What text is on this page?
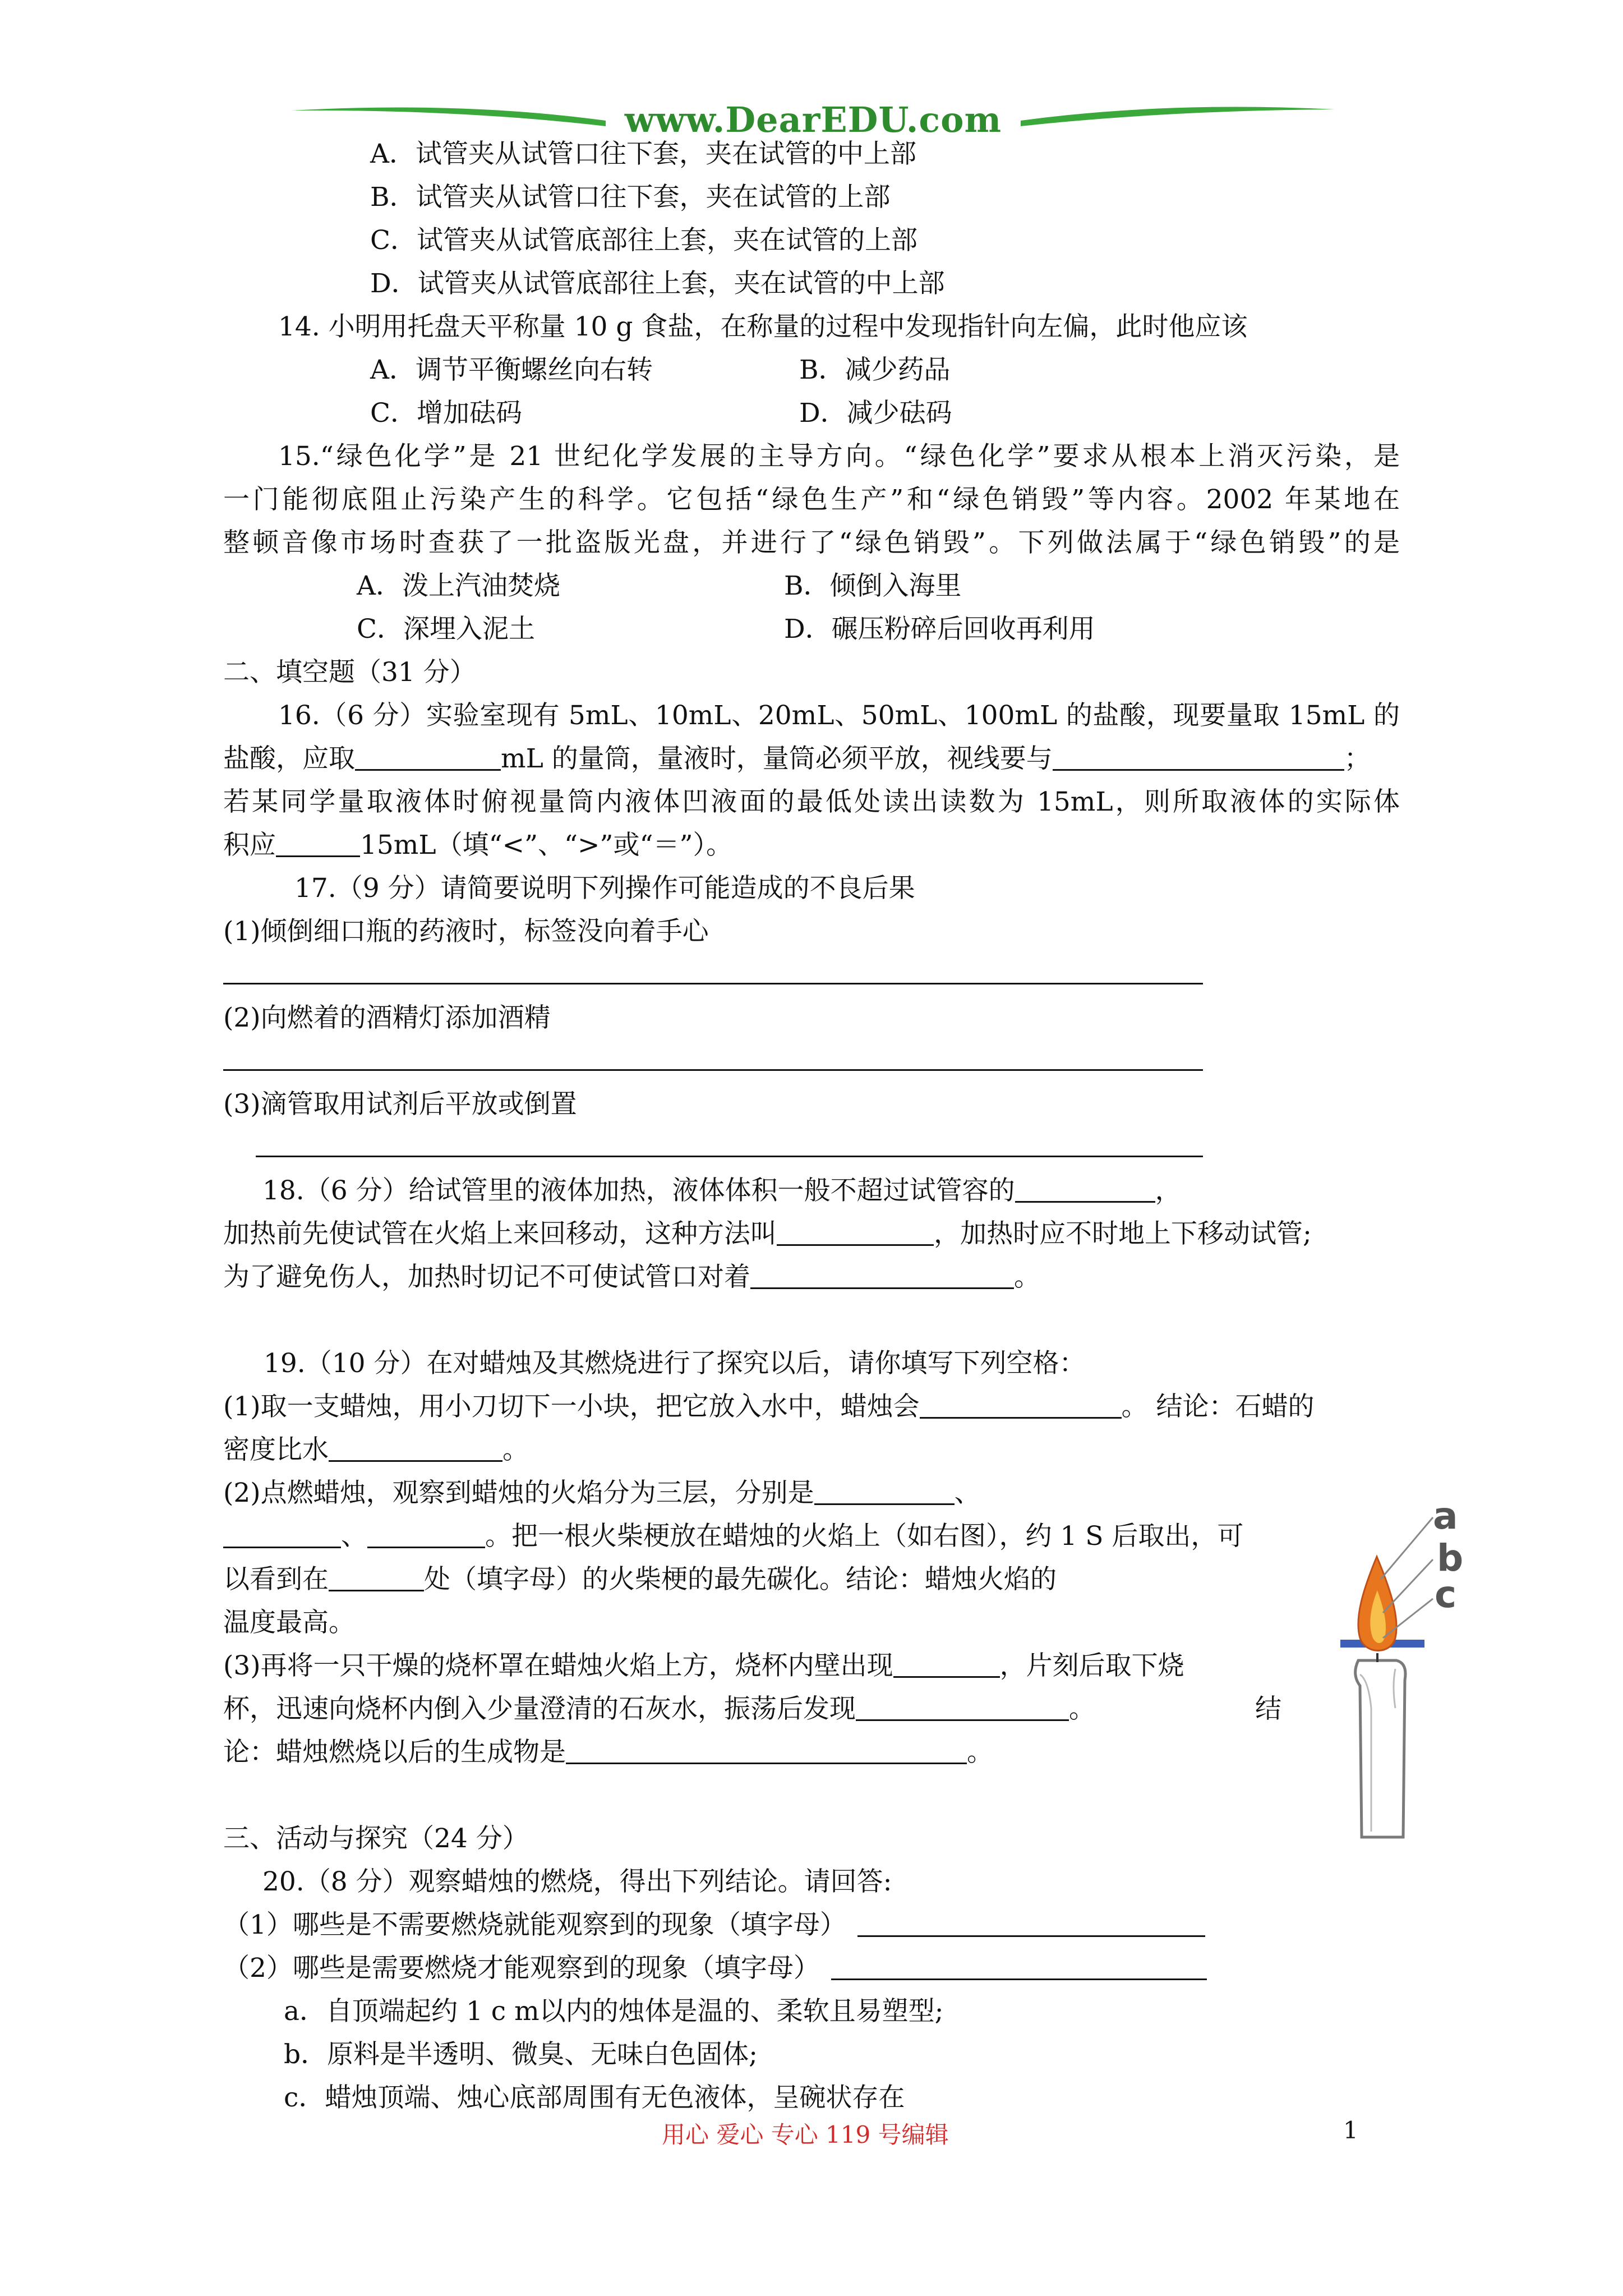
www.DearEDU.com
A．试管夹从试管口往下套，夹在试管的中上部
B．试管夹从试管口往下套，夹在试管的上部
C．试管夹从试管底部往上套，夹在试管的上部
D．试管夹从试管底部往上套，夹在试管的中上部
14. 小明用托盘天平称量 10 g 食盐，在称量的过程中发现指针向左偏，此时他应该
A．调节平衡螺丝向右转	B．减少药品
C．增加砝码	D．减少砝码
15.“绿色化学”是 21 世纪化学发展的主导方向。“绿色化学”要求从根本上消灭污染，是
一门能彻底阻止污染产生的科学。它包括“绿色生产”和“绿色销毁”等内容。2002 年某地在
整顿音像市场时查获了一批盗版光盘，并进行了“绿色销毁”。下列做法属于“绿色销毁”的是
A．泼上汽油焚烧	B．倾倒入海里
C．深埋入泥土	D．碾压粉碎后回收再利用
二、填空题（31 分）
16.（6 分）实验室现有 5mL、10mL、20mL、50mL、100mL 的盐酸，现要量取 15mL 的
盐酸，应取	mL 的量筒，量液时，量筒必须平放，视线要与	；
若某同学量取液体时俯视量筒内液体凹液面的最低处读出读数为 15mL，则所取液体的实际体
积应	15mL（填“<”、“>”或“＝”）。
17.（9 分）请简要说明下列操作可能造成的不良后果
(1)倾倒细口瓶的药液时，标签没向着手心
(2)向燃着的酒精灯添加酒精
(3)滴管取用试剂后平放或倒置
18.（6 分）给试管里的液体加热，液体体积一般不超过试管容的	，
加热前先使试管在火焰上来回移动，这种方法叫	，加热时应不时地上下移动试管;
为了避免伤人，加热时切记不可使试管口对着	。
19.（10 分）在对蜡烛及其燃烧进行了探究以后，请你填写下列空格：
(1)取一支蜡烛，用小刀切下一小块，把它放入水中，蜡烛会	。 结论：石蜡的
密度比水	。
(2)点燃蜡烛，观察到蜡烛的火焰分为三层，分别是	、
、	。把一根火柴梗放在蜡烛的火焰上（如右图），约 1 S 后取出，可
以看到在	处（填字母）的火柴梗的最先碳化。结论：蜡烛火焰的
温度最高。
(3)再将一只干燥的烧杯罩在蜡烛火焰上方，烧杯内壁出现	，片刻后取下烧
杯，迅速向烧杯内倒入少量澄清的石灰水，振荡后发现	。	结
论：蜡烛燃烧以后的生成物是	。
a
b
c
三、活动与探究（24 分）
20.（8 分）观察蜡烛的燃烧，得出下列结论。请回答:
（1）哪些是不需要燃烧就能观察到的现象（填字母）
（2）哪些是需要燃烧才能观察到的现象（填字母）
a．自顶端起约 1 c m以内的烛体是温的、柔软且易塑型;
b．原料是半透明、微臭、无味白色固体;
c．蜡烛顶端、烛心底部周围有无色液体，呈碗状存在
用心 爱心 专心 119 号编辑	1
